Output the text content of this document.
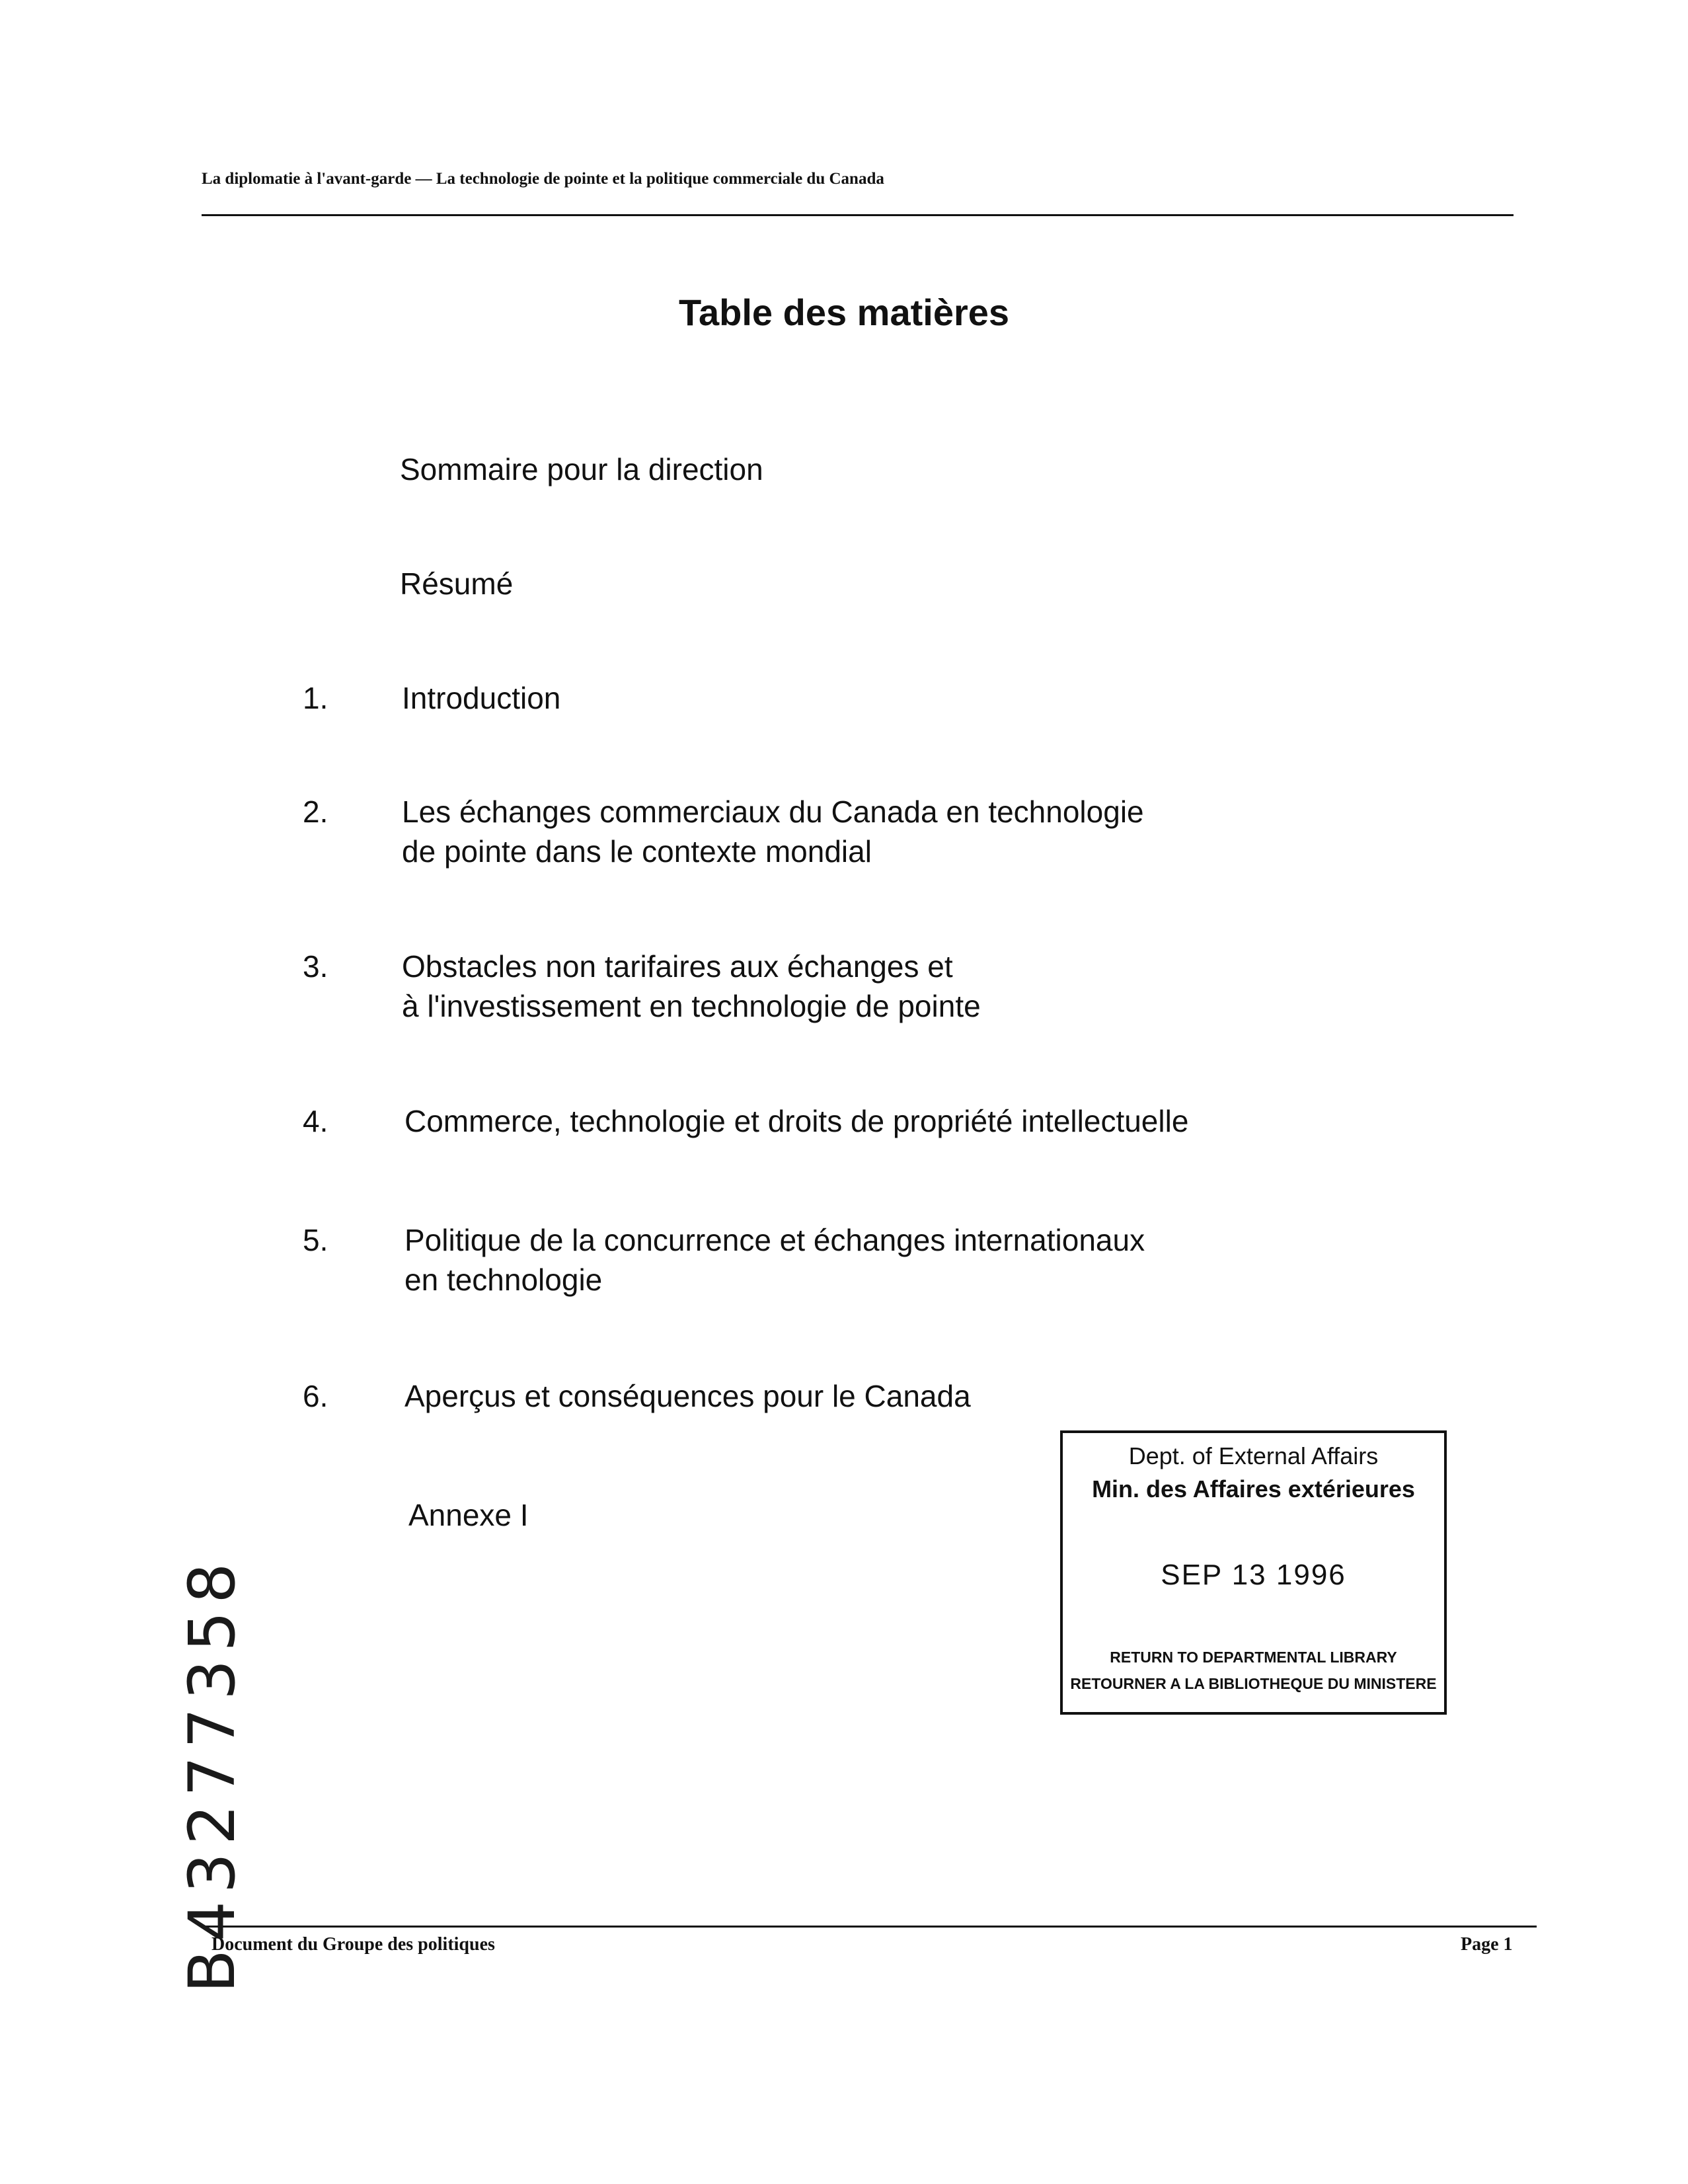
La diplomatie à l'avant-garde — La technologie de pointe et la politique commerciale du Canada
Table des matières
Sommaire pour la direction
Résumé
1. Introduction
2. Les échanges commerciaux du Canada en technologie
de pointe dans le contexte mondial
3. Obstacles non tarifaires aux échanges et
à l'investissement en technologie de pointe
4.	Commerce, technologie et droits de propriété intellectuelle
5.	Politique de la concurrence et échanges internationaux
en technologie
6.	Aperçus et conséquences pour le Canada
Annexe I
Dept. of External Affairs
Min. des Affaires extérieures
SEP 13 1996
RETURN TO DEPARTMENTAL LIBRARY
RETOURNER A LA BIBLIOTHEQUE DU MINISTERE
Document du Groupe des politiques	Page 1
B43277358
